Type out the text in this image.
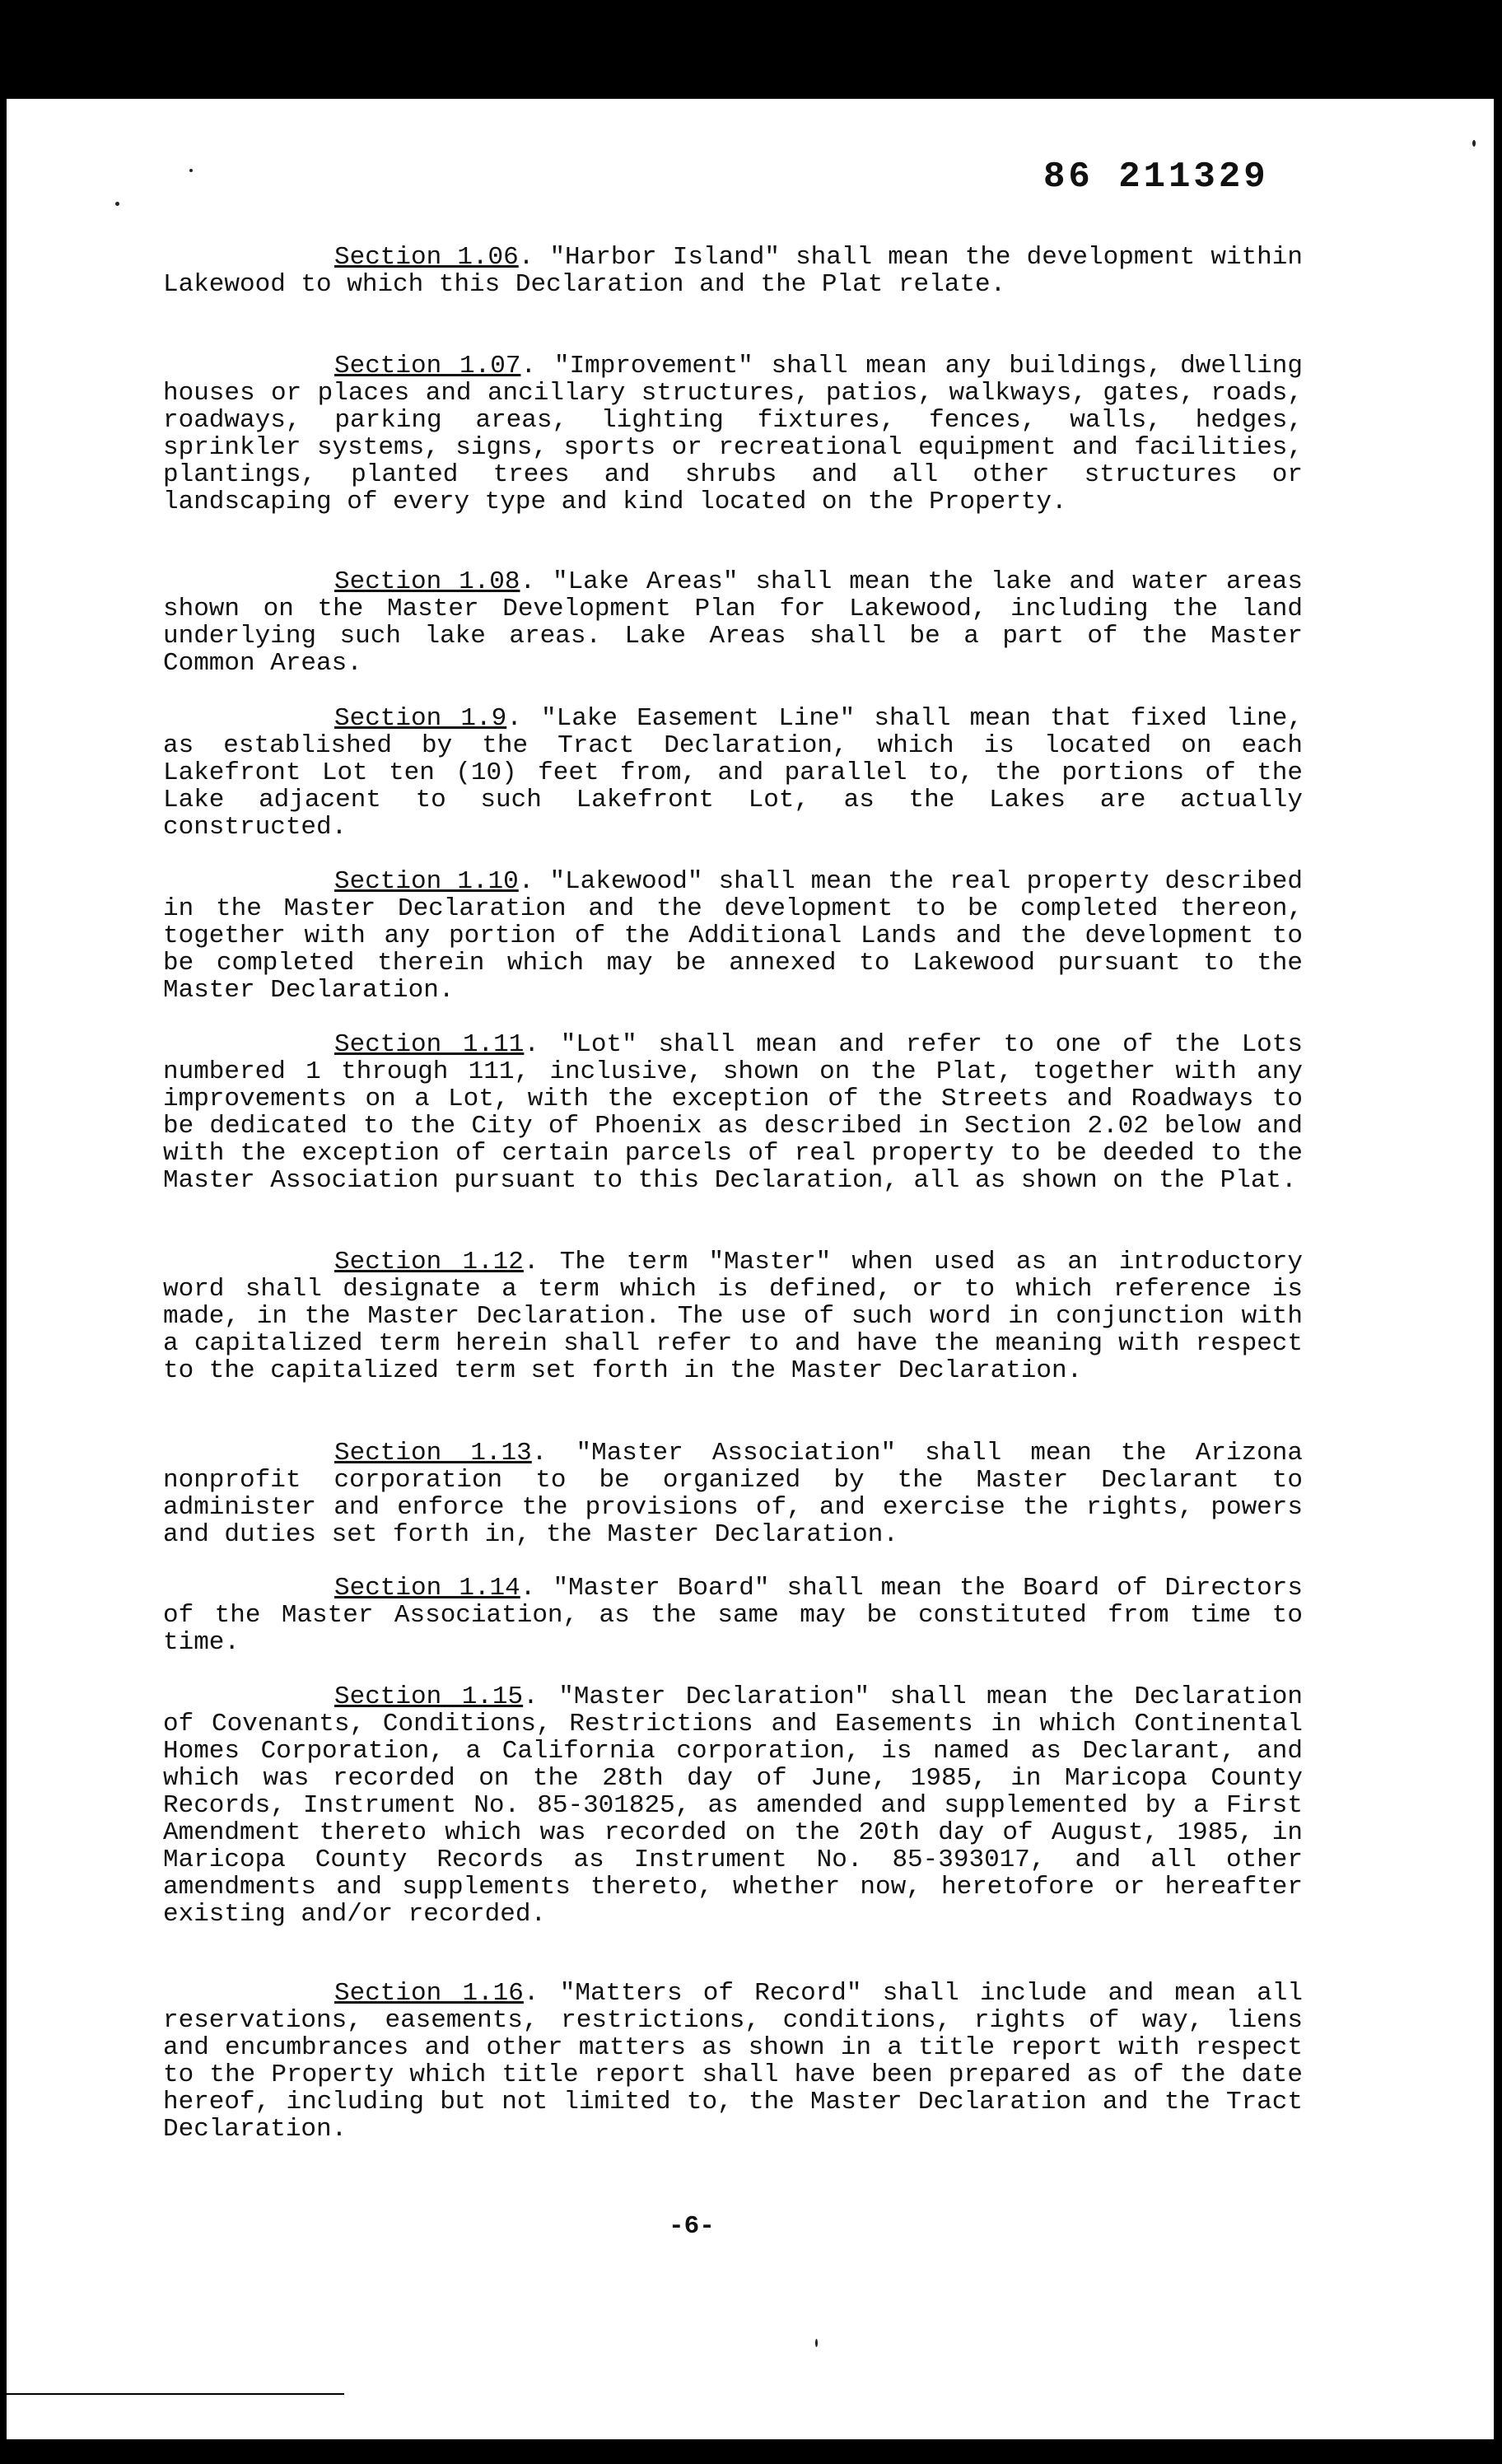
86 211329
Section 1.06. "Harbor Island" shall mean the development within Lakewood to which this Declaration and the Plat relate.
Section 1.07. "Improvement" shall mean any buildings, dwelling houses or places and ancillary structures, patios, walkways, gates, roads, roadways, parking areas, lighting fixtures, fences, walls, hedges, sprinkler systems, signs, sports or recreational equipment and facilities, plantings, planted trees and shrubs and all other structures or landscaping of every type and kind located on the Property.
Section 1.08. "Lake Areas" shall mean the lake and water areas shown on the Master Development Plan for Lakewood, including the land underlying such lake areas. Lake Areas shall be a part of the Master Common Areas.
Section 1.9. "Lake Easement Line" shall mean that fixed line, as established by the Tract Declaration, which is located on each Lakefront Lot ten (10) feet from, and parallel to, the portions of the Lake adjacent to such Lakefront Lot, as the Lakes are actually constructed.
Section 1.10. "Lakewood" shall mean the real property described in the Master Declaration and the development to be completed thereon, together with any portion of the Additional Lands and the development to be completed therein which may be annexed to Lakewood pursuant to the Master Declaration.
Section 1.11. "Lot" shall mean and refer to one of the Lots numbered 1 through 111, inclusive, shown on the Plat, together with any improvements on a Lot, with the exception of the Streets and Roadways to be dedicated to the City of Phoenix as described in Section 2.02 below and with the exception of certain parcels of real property to be deeded to the Master Association pursuant to this Declaration, all as shown on the Plat.
Section 1.12. The term "Master" when used as an introductory word shall designate a term which is defined, or to which reference is made, in the Master Declaration. The use of such word in conjunction with a capitalized term herein shall refer to and have the meaning with respect to the capitalized term set forth in the Master Declaration.
Section 1.13. "Master Association" shall mean the Arizona nonprofit corporation to be organized by the Master Declarant to administer and enforce the provisions of, and exercise the rights, powers and duties set forth in, the Master Declaration.
Section 1.14. "Master Board" shall mean the Board of Directors of the Master Association, as the same may be constituted from time to time.
Section 1.15. "Master Declaration" shall mean the Declaration of Covenants, Conditions, Restrictions and Easements in which Continental Homes Corporation, a California corporation, is named as Declarant, and which was recorded on the 28th day of June, 1985, in Maricopa County Records, Instrument No. 85-301825, as amended and supplemented by a First Amendment thereto which was recorded on the 20th day of August, 1985, in Maricopa County Records as Instrument No. 85-393017, and all other amendments and supplements thereto, whether now, heretofore or hereafter existing and/or recorded.
Section 1.16. "Matters of Record" shall include and mean all reservations, easements, restrictions, conditions, rights of way, liens and encumbrances and other matters as shown in a title report with respect to the Property which title report shall have been prepared as of the date hereof, including but not limited to, the Master Declaration and the Tract Declaration.
-6-
